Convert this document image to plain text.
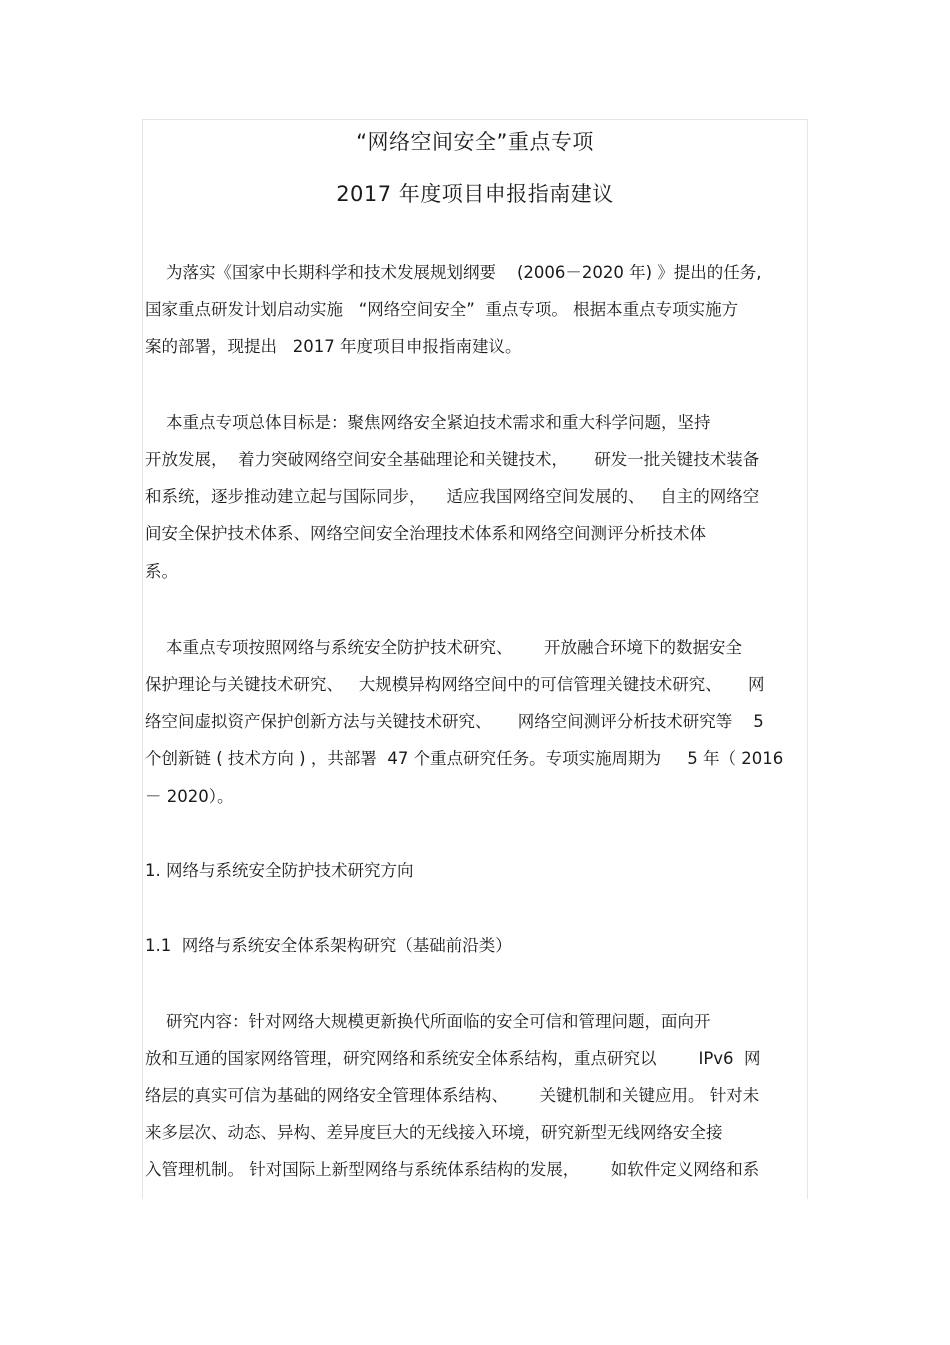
“网络空间安全”重点专项
2017 年度项目申报指南建议
为落实《国家中长期科学和技术发展规划纲要    (2006－2020 年) 》提出的任务,
国家重点研发计划启动实施   “网络空间安全”  重点专项。 根据本重点专项实施方
案的部署，现提出   2017 年度项目申报指南建议。
本重点专项总体目标是：聚焦网络安全紧迫技术需求和重大科学问题，坚持
开放发展，  着力突破网络空间安全基础理论和关键技术，     研发一批关键技术装备
和系统，逐步推动建立起与国际同步，    适应我国网络空间发展的、   自主的网络空
间安全保护技术体系、网络空间安全治理技术体系和网络空间测评分析技术体
系。
本重点专项按照网络与系统安全防护技术研究、      开放融合环境下的数据安全
保护理论与关键技术研究、   大规模异构网络空间中的可信管理关键技术研究、     网
络空间虚拟资产保护创新方法与关键技术研究、     网络空间测评分析技术研究等    5
个创新链 ( 技术方向 ) ，共部署  47 个重点研究任务。专项实施周期为     5 年（ 2016
－ 2020）。
1. 网络与系统安全防护技术研究方向
1.1  网络与系统安全体系架构研究（基础前沿类）
研究内容：针对网络大规模更新换代所面临的安全可信和管理问题，面向开
放和互通的国家网络管理，研究网络和系统安全体系结构，重点研究以        IPv6  网
络层的真实可信为基础的网络安全管理体系结构、      关键机制和关键应用。 针对未
来多层次、动态、异构、差异度巨大的无线接入环境，研究新型无线网络安全接
入管理机制。 针对国际上新型网络与系统体系结构的发展，      如软件定义网络和系
